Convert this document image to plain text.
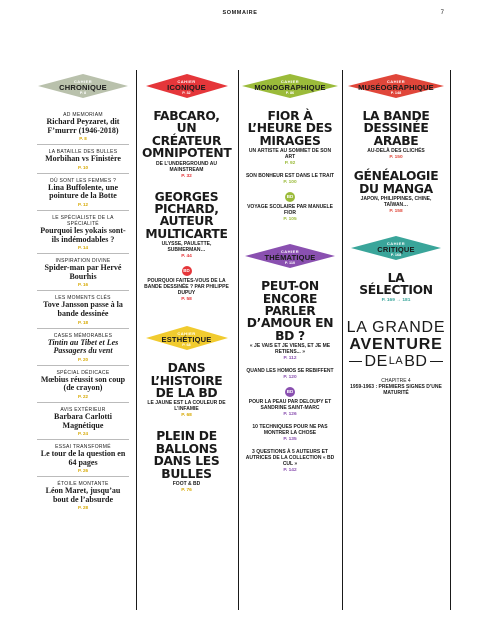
SOMMAIRE	7
CAHIER
CHRONIQUE
P. 8
AD MEMORIAM
Richard Peyzaret, dit F’murrr (1946-2018)
P. 8
LA BATAILLE DES BULLES
Morbihan vs Finistère
P. 10
OÙ SONT LES FEMMES ?
Lina Buffolente, une pointure de la Botte
P. 12
LE SPÉCIALISTE DE LA SPÉCIALITÉ
Pourquoi les yokais sont-ils indémodables ?
P. 14
INSPIRATION DIVINE
Spider-man par Hervé Bourhis
P. 16
LES MOMENTS CLÉS
Tove Jansson passe à la bande dessinée
P. 18
CASES MÉMORABLES
Tintin au Tibet et Les Passagers du vent
P. 20
SPÉCIAL DÉDICACE
Mœbius réussit son coup (de crayon)
P. 22
AVIS EXTÉRIEUR
Barbara Carlotti Magnétique
P. 24
ESSAI TRANSFORMÉ
Le tour de la question en 64 pages
P. 26
ÉTOILE MONTANTE
Léon Maret, jusqu’au bout de l’absurde
P. 28
CAHIER
ICONIQUE
P. 32
FABCARO, UN CRÉATEUR OMNIPOTENT
DE L’UNDERGROUND AU MAINSTREAM
P. 32
GEORGES PICHARD, AUTEUR MULTICARTE
ULYSSE, PAULETTE, SUBMERMAN…
P. 44
BD
POURQUOI FAITES-VOUS DE LA BANDE DESSINÉE ? PAR PHILIPPE DUPUY
P. 58
CAHIER
ESTHÉTIQUE
P. 68
DANS L’HISTOIRE DE LA BD
LE JAUNE EST LA COULEUR DE L’INFAMIE
P. 68
PLEIN DE BALLONS DANS LES BULLES
FOOT & BD
P. 76
CAHIER
MONOGRAPHIQUE
P. 86
FIOR À L’HEURE DES MIRAGES
UN ARTISTE AU SOMMET DE SON ART
P. 92
SON BONHEUR EST DANS LE TRAIT
P. 100
BD
VOYAGE SCOLAIRE PAR MANUELE FIOR
P. 105
CAHIER
THÉMATIQUE
P. 110
PEUT-ON ENCORE PARLER D’AMOUR EN BD ?
« JE VAIS ET JE VIENS, ET JE ME RETIENS... »
P. 112
QUAND LES HOMOS SE REBIFFENT
P. 120
BD
POUR LA PEAU PAR DELOUPY ET SANDRINE SAINT-MARC
P. 126
10 TECHNIQUES POUR NE PAS MONTRER LA CHOSE
P. 135
3 QUESTIONS À 5 AUTEURS ET AUTRICES DE LA COLLECTION « BD CUL »
P. 142
CAHIER
MUSÉOGRAPHIQUE
P. 148
LA BANDE DESSINÉE ARABE
AU-DELÀ DES CLICHÉS
P. 150
GÉNÉALOGIE DU MANGA
JAPON, PHILIPPINES, CHINE, TAÏWAN…
P. 158
CAHIER
CRITIQUE
P. 168
LA SÉLECTION
P. 169 → 181
LA GRANDE
AVENTURE
DE LA BD
CHAPITRE 4
1959-1963 : PREMIERS SIGNES D’UNE MATURITÉ
